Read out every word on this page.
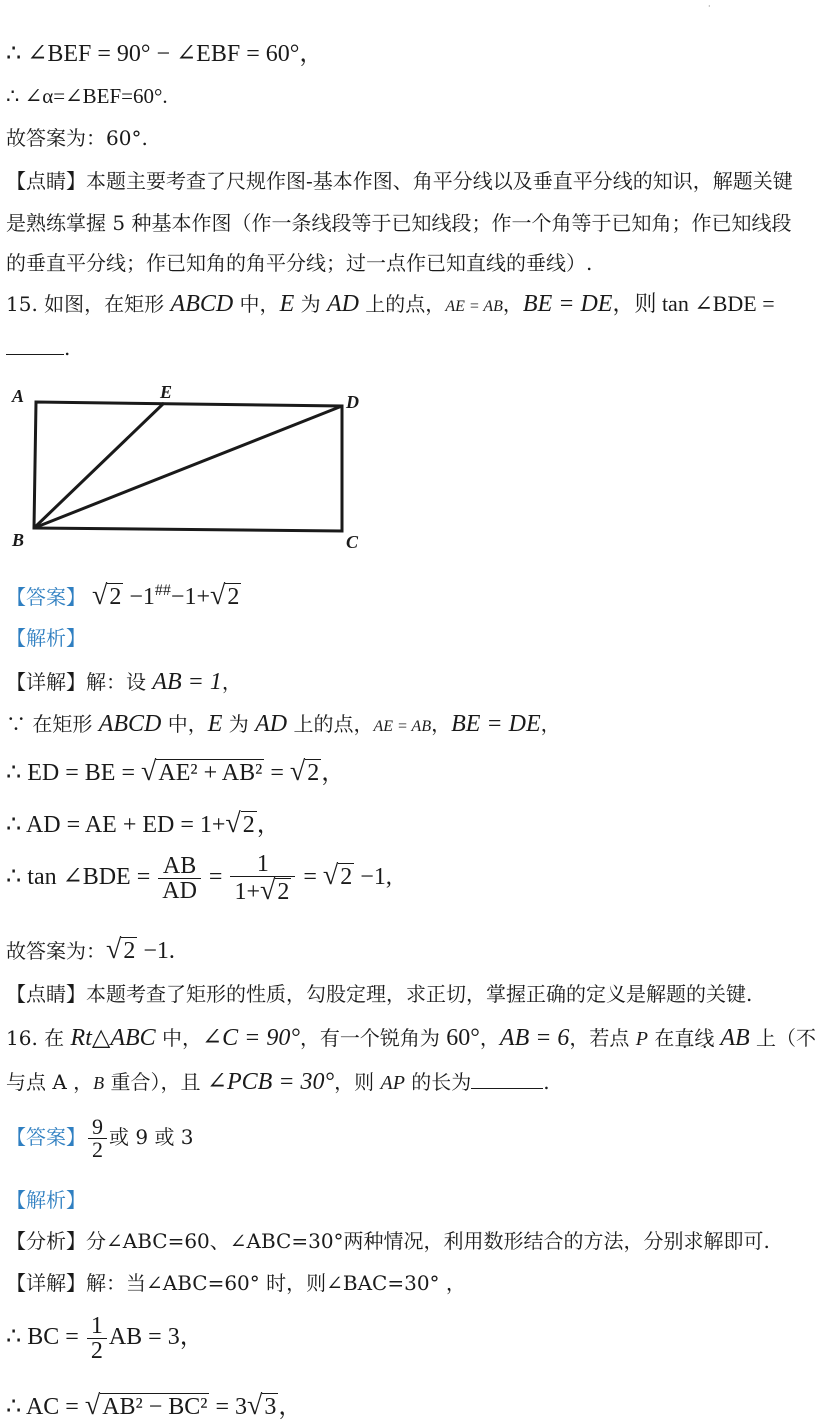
·
∴ ∠BEF = 90° − ∠EBF = 60°，
∴ ∠α=∠BEF=60°.
故答案为：60°.
【点睛】本题主要考查了尺规作图-基本作图、角平分线以及垂直平分线的知识，解题关键
是熟练掌握 5 种基本作图（作一条线段等于已知线段；作一个角等于已知角；作已知线段
的垂直平分线；作已知角的角平分线；过一点作已知直线的垂线）.
15. 如图，在矩形 ABCD 中，E 为 AD 上的点，AE = AB，BE = DE，则 tan ∠BDE =
.
A	E	D
B	C
【答案】 √2 −1##−1+√2
【解析】
【详解】解：设 AB = 1，
∵ 在矩形 ABCD 中，E 为 AD 上的点，AE = AB，BE = DE，
∴ ED = BE = √AE² + AB² = √2，
∴ AD = AE + ED = 1+√2，
∴ tan ∠BDE = $\frac{AB}{AD} = \frac{1}{1+√2} = √2 -1$,
故答案为：√2 −1.
【点睛】本题考查了矩形的性质，勾股定理，求正切，掌握正确的定义是解题的关键.
16. 在 Rt△ABC 中，∠C = 90°，有一个锐角为 60°，AB = 6，若点 P 在直线 AB 上（不
与点 A ，B 重合），且 ∠PCB = 30°，则 AP 的长为	.
【答案】 $\frac{9}{2}$ 或 9 或 3
【解析】
【分析】分∠ABC=60、∠ABC=30°两种情况，利用数形结合的方法，分别求解即可.
【详解】解：当∠ABC=60° 时，则∠BAC=30° ，
∴ BC = $\frac{1}{2}$ AB = 3，
∴ AC = √AB² − BC² = 3√3，
